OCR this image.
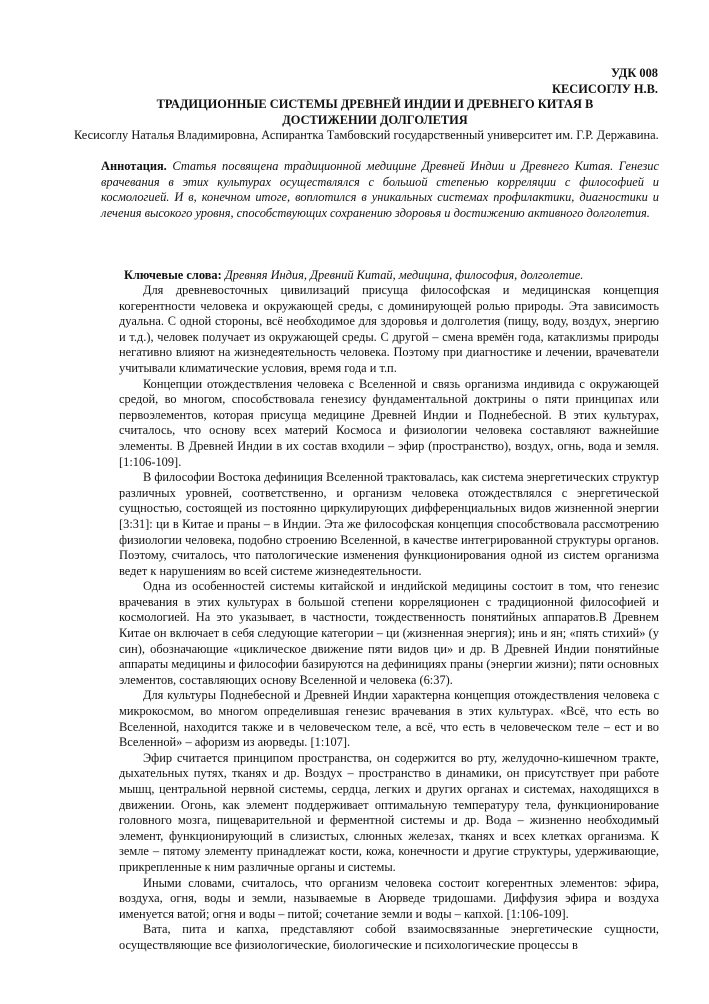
УДК 008
КЕСИСОГЛУ Н.В.
ТРАДИЦИОННЫЕ СИСТЕМЫ ДРЕВНЕЙ ИНДИИ И ДРЕВНЕГО КИТАЯ В ДОСТИЖЕНИИ ДОЛГОЛЕТИЯ
Кесисоглу Наталья Владимировна, Аспирантка Тамбовский государственный университет им. Г.Р. Державина.
Аннотация. Статья посвящена традиционной медицине Древней Индии и Древнего Китая. Генезис врачевания в этих культурах осуществлялся с большой степенью корреляции с философией и космологией. И в, конечном итоге, воплотился в уникальных системах профилактики, диагностики и лечения высокого уровня, способствующих сохранению здоровья и достижению активного долголетия.
Ключевые слова: Древняя Индия, Древний Китай, медицина, философия, долголетие.

Для древневосточных цивилизаций присуща философская и медицинская концепция когерентности человека и окружающей среды, с доминирующей ролью природы. Эта зависимость дуальна. С одной стороны, всё необходимое для здоровья и долголетия (пищу, воду, воздух, энергию и т.д.), человек получает из окружающей среды. С другой – смена времён года, катаклизмы природы негативно влияют на жизнедеятельность человека. Поэтому при диагностике и лечении, врачеватели учитывали климатические условия, время года и т.п.

Концепции отождествления человека с Вселенной и связь организма индивида с окружающей средой, во многом, способствовала генезису фундаментальной доктрины о пяти принципах или первоэлементов, которая присуща медицине Древней Индии и Поднебесной. В этих культурах, считалось, что основу всех материй Космоса и физиологии человека составляют важнейшие элементы. В Древней Индии в их состав входили – эфир (пространство), воздух, огнь, вода и земля. [1:106-109].

В философии Востока дефиниция Вселенной трактовалась, как система энергетических структур различных уровней, соответственно, и организм человека отождествлялся с энергетической сущностью, состоящей из постоянно циркулирующих дифференциальных видов жизненной энергии [3:31]: ци в Китае и праны – в Индии. Эта же философская концепция способствовала рассмотрению физиологии человека, подобно строению Вселенной, в качестве интегрированной структуры органов. Поэтому, считалось, что патологические изменения функционирования одной из систем организма ведет к нарушениям во всей системе жизнедеятельности.

Одна из особенностей системы китайской и индийской медицины состоит в том, что генезис врачевания в этих культурах в большой степени корреляционен с традиционной философией и космологией. На это указывает, в частности, тождественность понятийных аппаратов.В Древнем Китае он включает в себя следующие категории – ци (жизненная энергия); инь и ян; «пять стихий» (у син), обозначающие «циклическое движение пяти видов ци» и др. В Древней Индии понятийные аппараты медицины и философии базируются на дефинициях праны (энергии жизни); пяти основных элементов, составляющих основу Вселенной и человека (6:37).

Для культуры Поднебесной и Древней Индии характерна концепция отождествления человека с микрокосмом, во многом определившая генезис врачевания в этих культурах. «Всё, что есть во Вселенной, находится также и в человеческом теле, а всё, что есть в человеческом теле – ест и во Вселенной» – афоризм из аюрведы. [1:107].

Эфир считается принципом пространства, он содержится во рту, желудочно-кишечном тракте, дыхательных путях, тканях и др. Воздух – пространство в динамики, он присутствует при работе мышц, центральной нервной системы, сердца, легких и других органах и системах, находящихся в движении. Огонь, как элемент поддерживает оптимальную температуру тела, функционирование головного мозга, пищеварительной и ферментной системы и др. Вода – жизненно необходимый элемент, функционирующий в слизистых, слюнных железах, тканях и всех клетках организма. К земле – пятому элементу принадлежат кости, кожа, конечности и другие структуры, удерживающие, прикрепленные к ним различные органы и системы.

Иными словами, считалось, что организм человека состоит когерентных элементов: эфира, воздуха, огня, воды и земли, называемые в Аюрведе тридошами. Диффузия эфира и воздуха именуется ватой; огня и воды – питой; сочетание земли и воды – капхой. [1:106-109].

Вата, пита и капха, представляют собой взаимосвязанные энергетические сущности, осуществляющие все физиологические, биологические и психологические процессы в
